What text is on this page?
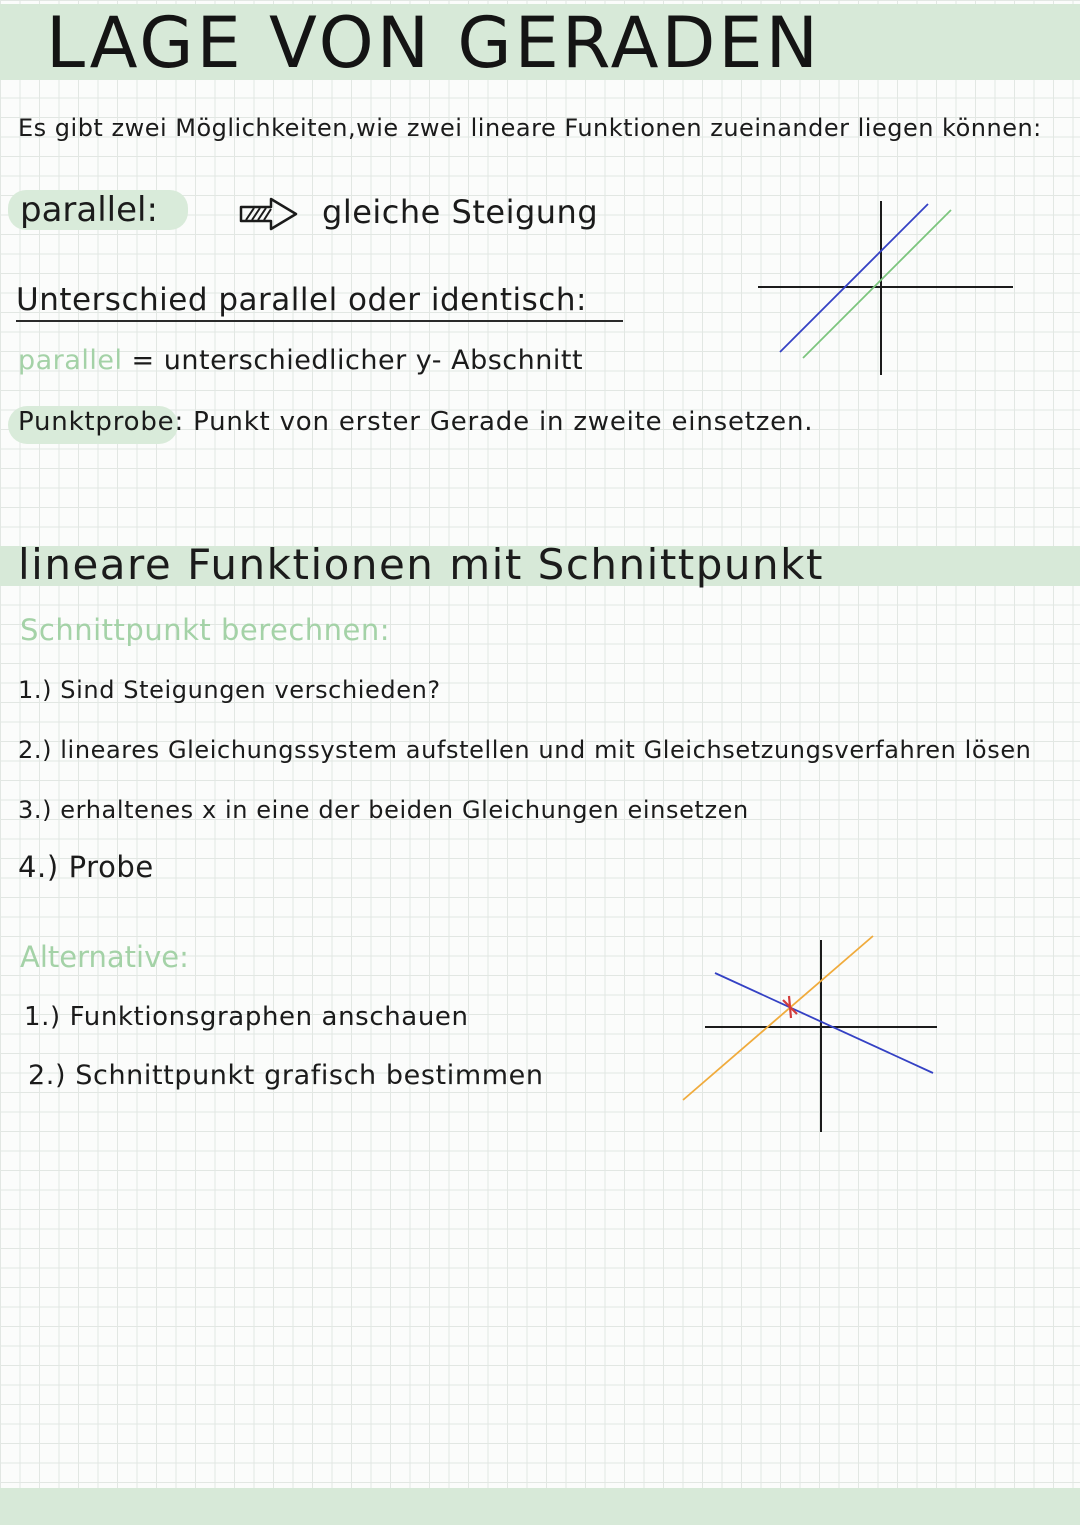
LAGE VON GERADEN
Es gibt zwei Möglichkeiten,wie zwei lineare Funktionen zueinander liegen können:
parallel:	gleiche Steigung
Unterschied parallel oder identisch:
parallel = unterschiedlicher y- Abschnitt
Punktprobe: Punkt von erster Gerade in zweite einsetzen.
lineare Funktionen mit Schnittpunkt
Schnittpunkt berechnen:
1.) Sind Steigungen verschieden?
2.) lineares Gleichungssystem aufstellen und mit Gleichsetzungsverfahren lösen
3.) erhaltenes x in eine der beiden Gleichungen einsetzen
4.) Probe
Alternative:
1.) Funktionsgraphen anschauen
2.) Schnittpunkt grafisch bestimmen
